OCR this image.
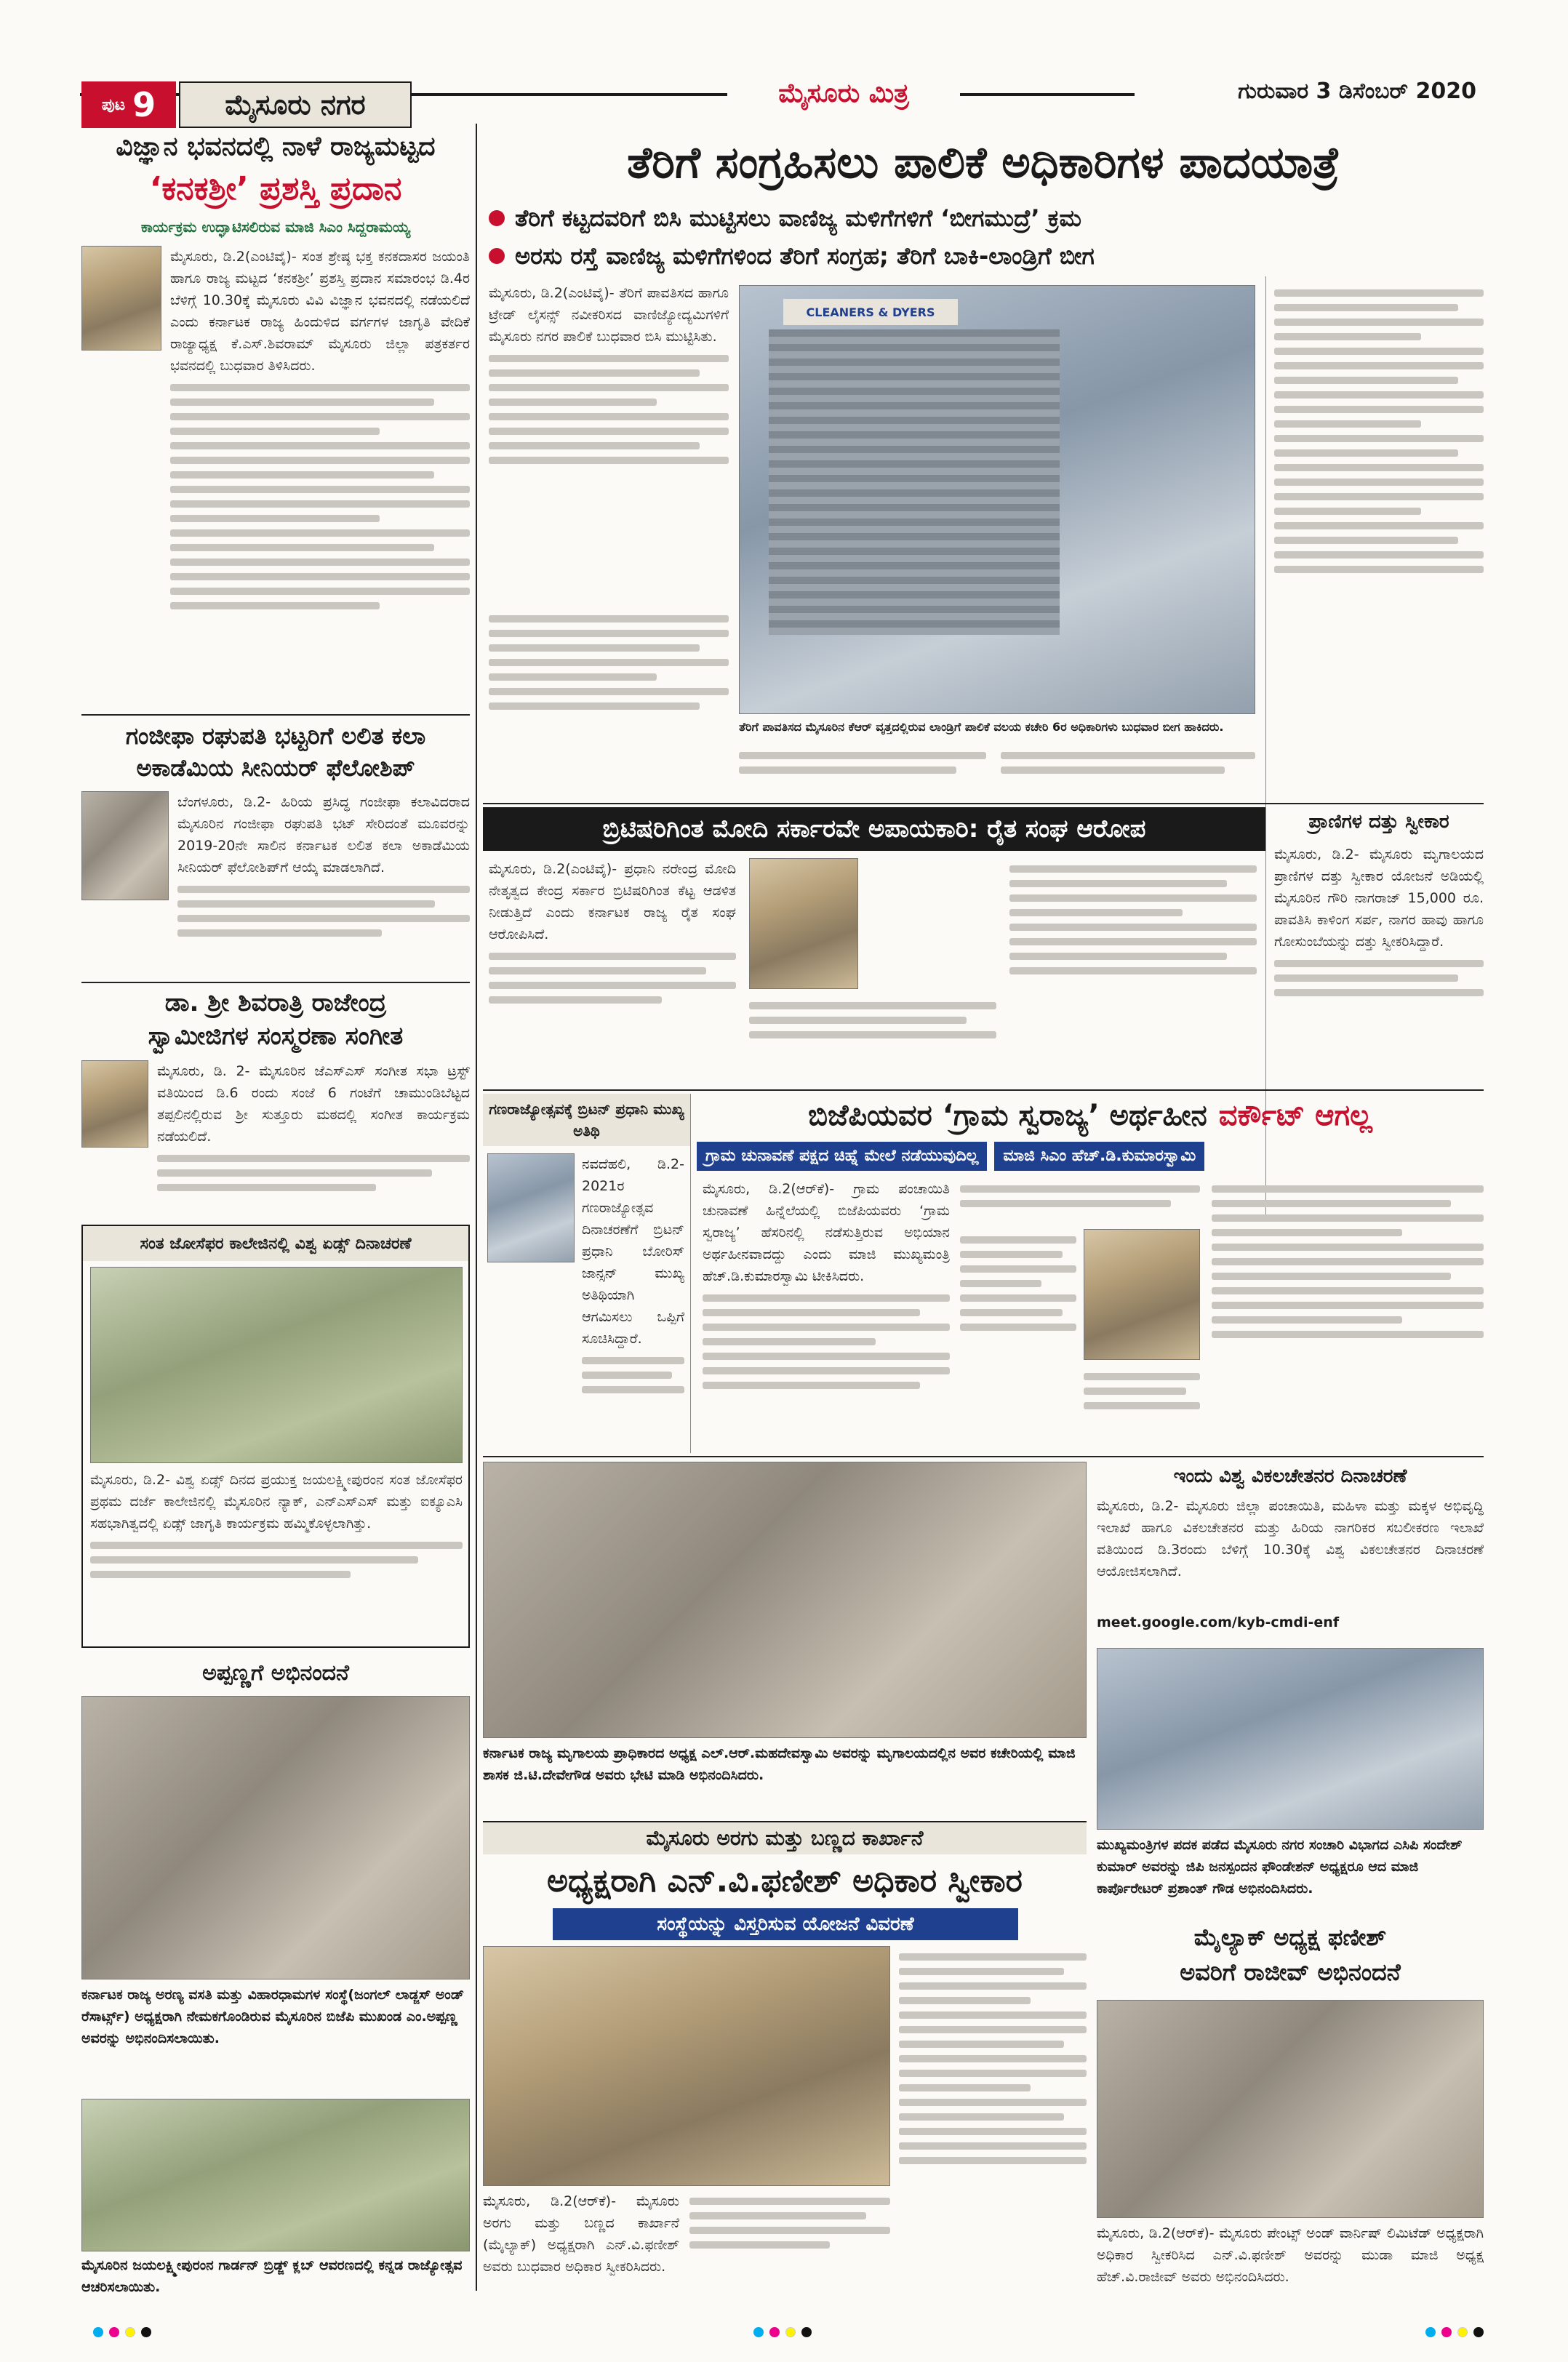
ಪುಟ 9	ಮೈಸೂರು ನಗರ	ಮೈಸೂರು ಮಿತ್ರ	ಗುರುವಾರ 3 ಡಿಸೆಂಬರ್ 2020
ವಿಜ್ಞಾನ ಭವನದಲ್ಲಿ ನಾಳೆ ರಾಜ್ಯಮಟ್ಟದ
‘ಕನಕಶ್ರೀ’ ಪ್ರಶಸ್ತಿ ಪ್ರದಾನ
ಕಾರ್ಯಕ್ರಮ ಉದ್ಘಾಟಿಸಲಿರುವ ಮಾಜಿ ಸಿಎಂ ಸಿದ್ದರಾಮಯ್ಯ
ಮೈಸೂರು, ಡಿ.2(ಎಂಟಿವೈ)- ಸಂತ ಶ್ರೇಷ್ಠ ಭಕ್ತ ಕನಕದಾಸರ ಜಯಂತಿ ಹಾಗೂ ರಾಜ್ಯ ಮಟ್ಟದ ‘ಕನಕಶ್ರೀ’ ಪ್ರಶಸ್ತಿ ಪ್ರದಾನ ಸಮಾರಂಭ ಡಿ.4ರ ಬೆಳಿಗ್ಗೆ 10.30ಕ್ಕೆ ಮೈಸೂರು ವಿವಿ ವಿಜ್ಞಾನ ಭವನದಲ್ಲಿ ನಡೆಯಲಿದೆ ಎಂದು ಕರ್ನಾಟಕ ರಾಜ್ಯ ಹಿಂದುಳಿದ ವರ್ಗಗಳ ಜಾಗೃತಿ ವೇದಿಕೆ ರಾಜ್ಯಾಧ್ಯಕ್ಷ ಕೆ.ಎಸ್.ಶಿವರಾಮ್ ಮೈಸೂರು ಜಿಲ್ಲಾ ಪತ್ರಕರ್ತರ ಭವನದಲ್ಲಿ ಬುಧವಾರ ತಿಳಿಸಿದರು.
ಗಂಜೀಫಾ ರಘುಪತಿ ಭಟ್ಟರಿಗೆ ಲಲಿತ ಕಲಾ
ಅಕಾಡೆಮಿಯ ಸೀನಿಯರ್ ಫೆಲೋಶಿಪ್
ಬೆಂಗಳೂರು, ಡಿ.2- ಹಿರಿಯ ಪ್ರಸಿದ್ಧ ಗಂಜೀಫಾ ಕಲಾವಿದರಾದ ಮೈಸೂರಿನ ಗಂಜೀಫಾ ರಘುಪತಿ ಭಟ್ ಸೇರಿದಂತೆ ಮೂವರನ್ನು 2019-20ನೇ ಸಾಲಿನ ಕರ್ನಾಟಕ ಲಲಿತ ಕಲಾ ಅಕಾಡೆಮಿಯ ಸೀನಿಯರ್ ಫೆಲೋಶಿಪ್‌ಗೆ ಆಯ್ಕೆ ಮಾಡಲಾಗಿದೆ.
ಡಾ. ಶ್ರೀ ಶಿವರಾತ್ರಿ ರಾಜೇಂದ್ರ
ಸ್ವಾಮೀಜಿಗಳ ಸಂಸ್ಮರಣಾ ಸಂಗೀತ
ಮೈಸೂರು, ಡಿ. 2- ಮೈಸೂರಿನ ಜೆಎಸ್‌ಎಸ್ ಸಂಗೀತ ಸಭಾ ಟ್ರಸ್ಟ್ ವತಿಯಿಂದ ಡಿ.6 ರಂದು ಸಂಜೆ 6 ಗಂಟೆಗೆ ಚಾಮುಂಡಿಬೆಟ್ಟದ ತಪ್ಪಲಿನಲ್ಲಿರುವ ಶ್ರೀ ಸುತ್ತೂರು ಮಠದಲ್ಲಿ ಸಂಗೀತ ಕಾರ್ಯಕ್ರಮ ನಡೆಯಲಿದೆ.
ಸಂತ ಜೋಸೆಫರ ಕಾಲೇಜಿನಲ್ಲಿ ವಿಶ್ವ ಏಡ್ಸ್ ದಿನಾಚರಣೆ
ಮೈಸೂರು, ಡಿ.2- ವಿಶ್ವ ಏಡ್ಸ್ ದಿನದ ಪ್ರಯುಕ್ತ ಜಯಲಕ್ಷ್ಮೀಪುರಂನ ಸಂತ ಜೋಸೆಫರ ಪ್ರಥಮ ದರ್ಜೆ ಕಾಲೇಜಿನಲ್ಲಿ ಮೈಸೂರಿನ ನ್ಯಾಕ್, ಎನ್‌ಎಸ್‌ಎಸ್ ಮತ್ತು ಐಕ್ಯೂಎಸಿ ಸಹಭಾಗಿತ್ವದಲ್ಲಿ ಏಡ್ಸ್ ಜಾಗೃತಿ ಕಾರ್ಯಕ್ರಮ ಹಮ್ಮಿಕೊಳ್ಳಲಾಗಿತ್ತು.
ಅಪ್ಪಣ್ಣಗೆ ಅಭಿನಂದನೆ
ಕರ್ನಾಟಕ ರಾಜ್ಯ ಅರಣ್ಯ ವಸತಿ ಮತ್ತು ವಿಹಾರಧಾಮಗಳ ಸಂಸ್ಥೆ(ಜಂಗಲ್ ಲಾಡ್ಜಸ್ ಅಂಡ್ ರೆಸಾರ್ಟ್ಸ್) ಅಧ್ಯಕ್ಷರಾಗಿ ನೇಮಕಗೊಂಡಿರುವ ಮೈಸೂರಿನ ಬಿಜೆಪಿ ಮುಖಂಡ ಎಂ.ಅಪ್ಪಣ್ಣ ಅವರನ್ನು ಅಭಿನಂದಿಸಲಾಯಿತು.
ಮೈಸೂರಿನ ಜಯಲಕ್ಷ್ಮೀಪುರಂನ ಗಾರ್ಡನ್ ಬ್ರಿಡ್ಜ್ ಕ್ಲಬ್ ಆವರಣದಲ್ಲಿ ಕನ್ನಡ ರಾಜ್ಯೋತ್ಸವ ಆಚರಿಸಲಾಯಿತು.
ತೆರಿಗೆ ಸಂಗ್ರಹಿಸಲು ಪಾಲಿಕೆ ಅಧಿಕಾರಿಗಳ ಪಾದಯಾತ್ರೆ
ತೆರಿಗೆ ಕಟ್ಟದವರಿಗೆ ಬಿಸಿ ಮುಟ್ಟಿಸಲು ವಾಣಿಜ್ಯ ಮಳಿಗೆಗಳಿಗೆ ‘ಬೀಗಮುದ್ರೆ’ ಕ್ರಮ
ಅರಸು ರಸ್ತೆ ವಾಣಿಜ್ಯ ಮಳಿಗೆಗಳಿಂದ ತೆರಿಗೆ ಸಂಗ್ರಹ; ತೆರಿಗೆ ಬಾಕಿ-ಲಾಂಡ್ರಿಗೆ ಬೀಗ
ಮೈಸೂರು, ಡಿ.2(ಎಂಟಿವೈ)- ತೆರಿಗೆ ಪಾವತಿಸದ ಹಾಗೂ ಟ್ರೇಡ್ ಲೈಸನ್ಸ್ ನವೀಕರಿಸದ ವಾಣಿಜ್ಯೋದ್ಯಮಿಗಳಿಗೆ ಮೈಸೂರು ನಗರ ಪಾಲಿಕೆ ಬುಧವಾರ ಬಿಸಿ ಮುಟ್ಟಿಸಿತು.
CLEANERS & DYERS
ತೆರಿಗೆ ಪಾವತಿಸದ ಮೈಸೂರಿನ ಕೆಆರ್ ವೃತ್ತದಲ್ಲಿರುವ ಲಾಂಡ್ರಿಗೆ ಪಾಲಿಕೆ ವಲಯ ಕಚೇರಿ 6ರ ಅಧಿಕಾರಿಗಳು ಬುಧವಾರ ಬೀಗ ಹಾಕಿದರು.
ಬ್ರಿಟಿಷರಿಗಿಂತ ಮೋದಿ ಸರ್ಕಾರವೇ ಅಪಾಯಕಾರಿ: ರೈತ ಸಂಘ ಆರೋಪ
ಮೈಸೂರು, ಡಿ.2(ಎಂಟಿವೈ)- ಪ್ರಧಾನಿ ನರೇಂದ್ರ ಮೋದಿ ನೇತೃತ್ವದ ಕೇಂದ್ರ ಸರ್ಕಾರ ಬ್ರಿಟಿಷರಿಗಿಂತ ಕೆಟ್ಟ ಆಡಳಿತ ನೀಡುತ್ತಿದೆ ಎಂದು ಕರ್ನಾಟಕ ರಾಜ್ಯ ರೈತ ಸಂಘ ಆರೋಪಿಸಿದೆ.
ಪ್ರಾಣಿಗಳ ದತ್ತು ಸ್ವೀಕಾರ
ಮೈಸೂರು, ಡಿ.2- ಮೈಸೂರು ಮೃಗಾಲಯದ ಪ್ರಾಣಿಗಳ ದತ್ತು ಸ್ವೀಕಾರ ಯೋಜನೆ ಅಡಿಯಲ್ಲಿ ಮೈಸೂರಿನ ಗೌರಿ ನಾಗರಾಜ್ 15,000 ರೂ. ಪಾವತಿಸಿ ಕಾಳಿಂಗ ಸರ್ಪ, ನಾಗರ ಹಾವು ಹಾಗೂ ಗೋಸುಂಬೆಯನ್ನು ದತ್ತು ಸ್ವೀಕರಿಸಿದ್ದಾರೆ.
ಗಣರಾಜ್ಯೋತ್ಸವಕ್ಕೆ ಬ್ರಿಟನ್ ಪ್ರಧಾನಿ ಮುಖ್ಯ ಅತಿಥಿ
ನವದೆಹಲಿ, ಡಿ.2- 2021ರ ಗಣರಾಜ್ಯೋತ್ಸವ ದಿನಾಚರಣೆಗೆ ಬ್ರಿಟನ್ ಪ್ರಧಾನಿ ಬೋರಿಸ್ ಜಾನ್ಸನ್ ಮುಖ್ಯ ಅತಿಥಿಯಾಗಿ ಆಗಮಿಸಲು ಒಪ್ಪಿಗೆ ಸೂಚಿಸಿದ್ದಾರೆ.
ಬಿಜೆಪಿಯವರ ‘ಗ್ರಾಮ ಸ್ವರಾಜ್ಯ’ ಅರ್ಥಹೀನ ವರ್ಕೌಟ್ ಆಗಲ್ಲ
ಗ್ರಾಮ ಚುನಾವಣೆ ಪಕ್ಷದ ಚಿಹ್ನೆ ಮೇಲೆ ನಡೆಯುವುದಿಲ್ಲ	ಮಾಜಿ ಸಿಎಂ ಹೆಚ್.ಡಿ.ಕುಮಾರಸ್ವಾಮಿ
ಮೈಸೂರು, ಡಿ.2(ಆರ್‌ಕೆ)- ಗ್ರಾಮ ಪಂಚಾಯಿತಿ ಚುನಾವಣೆ ಹಿನ್ನೆಲೆಯಲ್ಲಿ ಬಿಜೆಪಿಯವರು ‘ಗ್ರಾಮ ಸ್ವರಾಜ್ಯ’ ಹೆಸರಿನಲ್ಲಿ ನಡೆಸುತ್ತಿರುವ ಅಭಿಯಾನ ಅರ್ಥಹೀನವಾದದ್ದು ಎಂದು ಮಾಜಿ ಮುಖ್ಯಮಂತ್ರಿ ಹೆಚ್.ಡಿ.ಕುಮಾರಸ್ವಾಮಿ ಟೀಕಿಸಿದರು.
ಕರ್ನಾಟಕ ರಾಜ್ಯ ಮೃಗಾಲಯ ಪ್ರಾಧಿಕಾರದ ಅಧ್ಯಕ್ಷ ಎಲ್.ಆರ್.ಮಹದೇವಸ್ವಾಮಿ ಅವರನ್ನು ಮೃಗಾಲಯದಲ್ಲಿನ ಅವರ ಕಚೇರಿಯಲ್ಲಿ ಮಾಜಿ ಶಾಸಕ ಜಿ.ಟಿ.ದೇವೇಗೌಡ ಅವರು ಭೇಟಿ ಮಾಡಿ ಅಭಿನಂದಿಸಿದರು.
ಇಂದು ವಿಶ್ವ ವಿಕಲಚೇತನರ ದಿನಾಚರಣೆ
ಮೈಸೂರು, ಡಿ.2- ಮೈಸೂರು ಜಿಲ್ಲಾ ಪಂಚಾಯಿತಿ, ಮಹಿಳಾ ಮತ್ತು ಮಕ್ಕಳ ಅಭಿವೃದ್ಧಿ ಇಲಾಖೆ ಹಾಗೂ ವಿಕಲಚೇತನರ ಮತ್ತು ಹಿರಿಯ ನಾಗರಿಕರ ಸಬಲೀಕರಣ ಇಲಾಖೆ ವತಿಯಿಂದ ಡಿ.3ರಂದು ಬೆಳಿಗ್ಗೆ 10.30ಕ್ಕೆ ವಿಶ್ವ ವಿಕಲಚೇತನರ ದಿನಾಚರಣೆ ಆಯೋಜಿಸಲಾಗಿದೆ.
meet.google.com/kyb-cmdi-enf
ಮುಖ್ಯಮಂತ್ರಿಗಳ ಪದಕ ಪಡೆದ ಮೈಸೂರು ನಗರ ಸಂಚಾರಿ ವಿಭಾಗದ ಎಸಿಪಿ ಸಂದೇಶ್ ಕುಮಾರ್ ಅವರನ್ನು ಜಿಪಿ ಜನಸ್ಪಂದನ ಫೌಂಡೇಶನ್ ಅಧ್ಯಕ್ಷರೂ ಆದ ಮಾಜಿ ಕಾರ್ಪೊರೇಟರ್ ಪ್ರಶಾಂತ್ ಗೌಡ ಅಭಿನಂದಿಸಿದರು.
ಮೈಸೂರು ಅರಗು ಮತ್ತು ಬಣ್ಣದ ಕಾರ್ಖಾನೆ
ಅಧ್ಯಕ್ಷರಾಗಿ ಎನ್.ವಿ.ಫಣೀಶ್ ಅಧಿಕಾರ ಸ್ವೀಕಾರ
ಸಂಸ್ಥೆಯನ್ನು ವಿಸ್ತರಿಸುವ ಯೋಜನೆ ವಿವರಣೆ
ಮೈಸೂರು, ಡಿ.2(ಆರ್‌ಕೆ)- ಮೈಸೂರು ಅರಗು ಮತ್ತು ಬಣ್ಣದ ಕಾರ್ಖಾನೆ (ಮೈಲ್ಯಾಕ್) ಅಧ್ಯಕ್ಷರಾಗಿ ಎನ್.ವಿ.ಫಣೀಶ್ ಅವರು ಬುಧವಾರ ಅಧಿಕಾರ ಸ್ವೀಕರಿಸಿದರು.
ಮೈಲ್ಯಾಕ್ ಅಧ್ಯಕ್ಷ ಫಣೀಶ್
ಅವರಿಗೆ ರಾಜೀವ್ ಅಭಿನಂದನೆ
ಮೈಸೂರು, ಡಿ.2(ಆರ್‌ಕೆ)- ಮೈಸೂರು ಪೇಂಟ್ಸ್ ಅಂಡ್ ವಾರ್ನಿಷ್ ಲಿಮಿಟೆಡ್ ಅಧ್ಯಕ್ಷರಾಗಿ ಅಧಿಕಾರ ಸ್ವೀಕರಿಸಿದ ಎನ್.ವಿ.ಫಣೀಶ್ ಅವರನ್ನು ಮುಡಾ ಮಾಜಿ ಅಧ್ಯಕ್ಷ ಹೆಚ್.ವಿ.ರಾಜೀವ್ ಅವರು ಅಭಿನಂದಿಸಿದರು.
